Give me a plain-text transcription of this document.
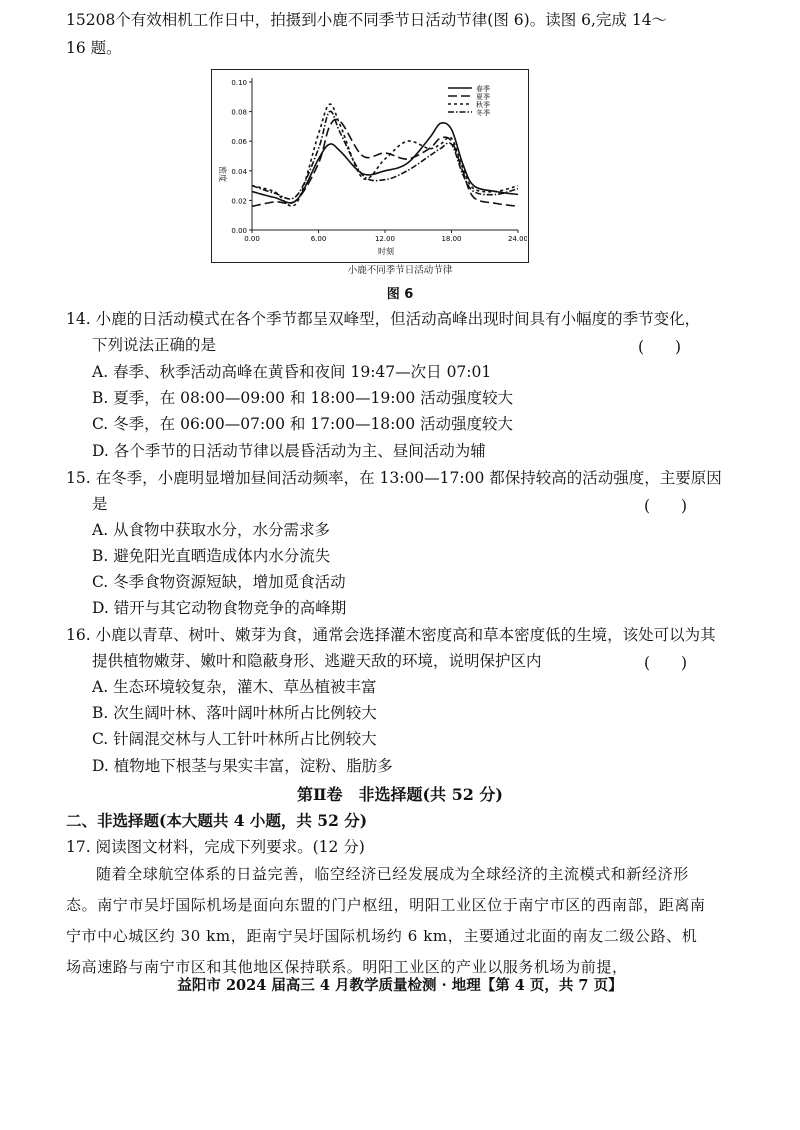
15208个有效相机工作日中，拍摄到小鹿不同季节日活动节律(图 6)。读图 6,完成 14～
16 题。
0.00
0.02
0.04
0.06
0.08
0.10
0.00	6.00	12.00	18.00	24.00
春季
夏季
秋季
冬季
密度
时刻
小鹿不同季节日活动节律
图 6
14. 小鹿的日活动模式在各个季节都呈双峰型，但活动高峰出现时间具有小幅度的季节变化，
下列说法正确的是	(　　)
A. 春季、秋季活动高峰在黄昏和夜间 19:47—次日 07:01
B. 夏季，在 08:00—09:00 和 18:00—19:00 活动强度较大
C. 冬季，在 06:00—07:00 和 17:00—18:00 活动强度较大
D. 各个季节的日活动节律以晨昏活动为主、昼间活动为辅
15. 在冬季，小鹿明显增加昼间活动频率，在 13:00—17:00 都保持较高的活动强度，主要原因
是	(　　)
A. 从食物中获取水分，水分需求多
B. 避免阳光直晒造成体内水分流失
C. 冬季食物资源短缺，增加觅食活动
D. 错开与其它动物食物竞争的高峰期
16. 小鹿以青草、树叶、嫩芽为食，通常会选择灌木密度高和草本密度低的生境，该处可以为其
提供植物嫩芽、嫩叶和隐蔽身形、逃避天敌的环境，说明保护区内	(　　)
A. 生态环境较复杂，灌木、草丛植被丰富
B. 次生阔叶林、落叶阔叶林所占比例较大
C. 针阔混交林与人工针叶林所占比例较大
D. 植物地下根茎与果实丰富，淀粉、脂肪多
第Ⅱ卷　非选择题(共 52 分)
二、非选择题(本大题共 4 小题，共 52 分)
17. 阅读图文材料，完成下列要求。(12 分)
随着全球航空体系的日益完善，临空经济已经发展成为全球经济的主流模式和新经济形态。南宁市吴圩国际机场是面向东盟的门户枢纽，明阳工业区位于南宁市区的西南部，距离南宁市中心城区约 30 km，距南宁吴圩国际机场约 6 km，主要通过北面的南友二级公路、机场高速路与南宁市区和其他地区保持联系。明阳工业区的产业以服务机场为前提，
益阳市 2024 届高三 4 月教学质量检测 · 地理【第 4 页，共 7 页】
